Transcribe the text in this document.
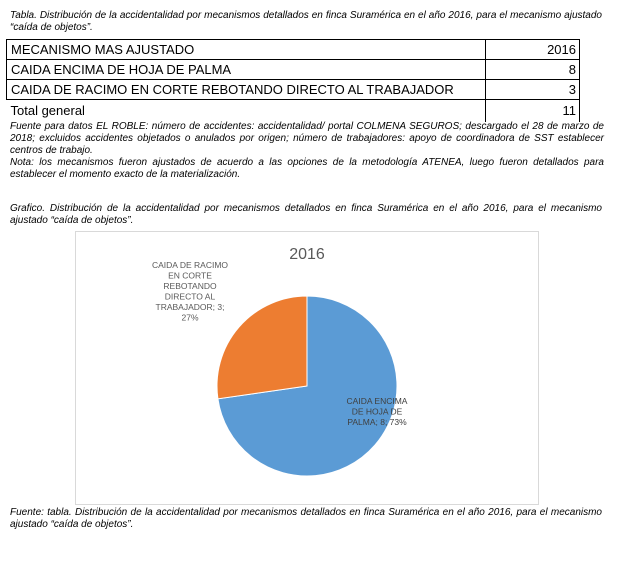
Tabla. Distribución de la accidentalidad por mecanismos detallados en finca Suramérica en el año 2016, para el mecanismo ajustado “caída de objetos”.
MECANISMO MAS AJUSTADO	2016
CAIDA ENCIMA DE HOJA DE PALMA	8
CAIDA DE RACIMO EN CORTE REBOTANDO DIRECTO AL TRABAJADOR	3
Total general	11

Fuente para datos EL ROBLE: número de accidentes: accidentalidad/ portal COLMENA SEGUROS; descargado el 28 de marzo de 2018; excluidos accidentes objetados o anulados por origen; número de trabajadores: apoyo de coordinadora de SST establecer centros de trabajo.

Nota: los mecanismos fueron ajustados de acuerdo a las opciones de la metodología ATENEA, luego fueron detallados para establecer el momento exacto de la materialización.

Grafico. Distribución de la accidentalidad por mecanismos detallados en finca Suramérica en el año 2016, para el mecanismo ajustado “caída de objetos”.
2016
CAIDA ENCIMA DE HOJA DE PALMA; 8; 73%
CAIDA DE RACIMO EN CORTE REBOTANDO DIRECTO AL TRABAJADOR; 3; 27%
Fuente: tabla. Distribución de la accidentalidad por mecanismos detallados en finca Suramérica en el año 2016, para el mecanismo ajustado “caída de objetos”.
